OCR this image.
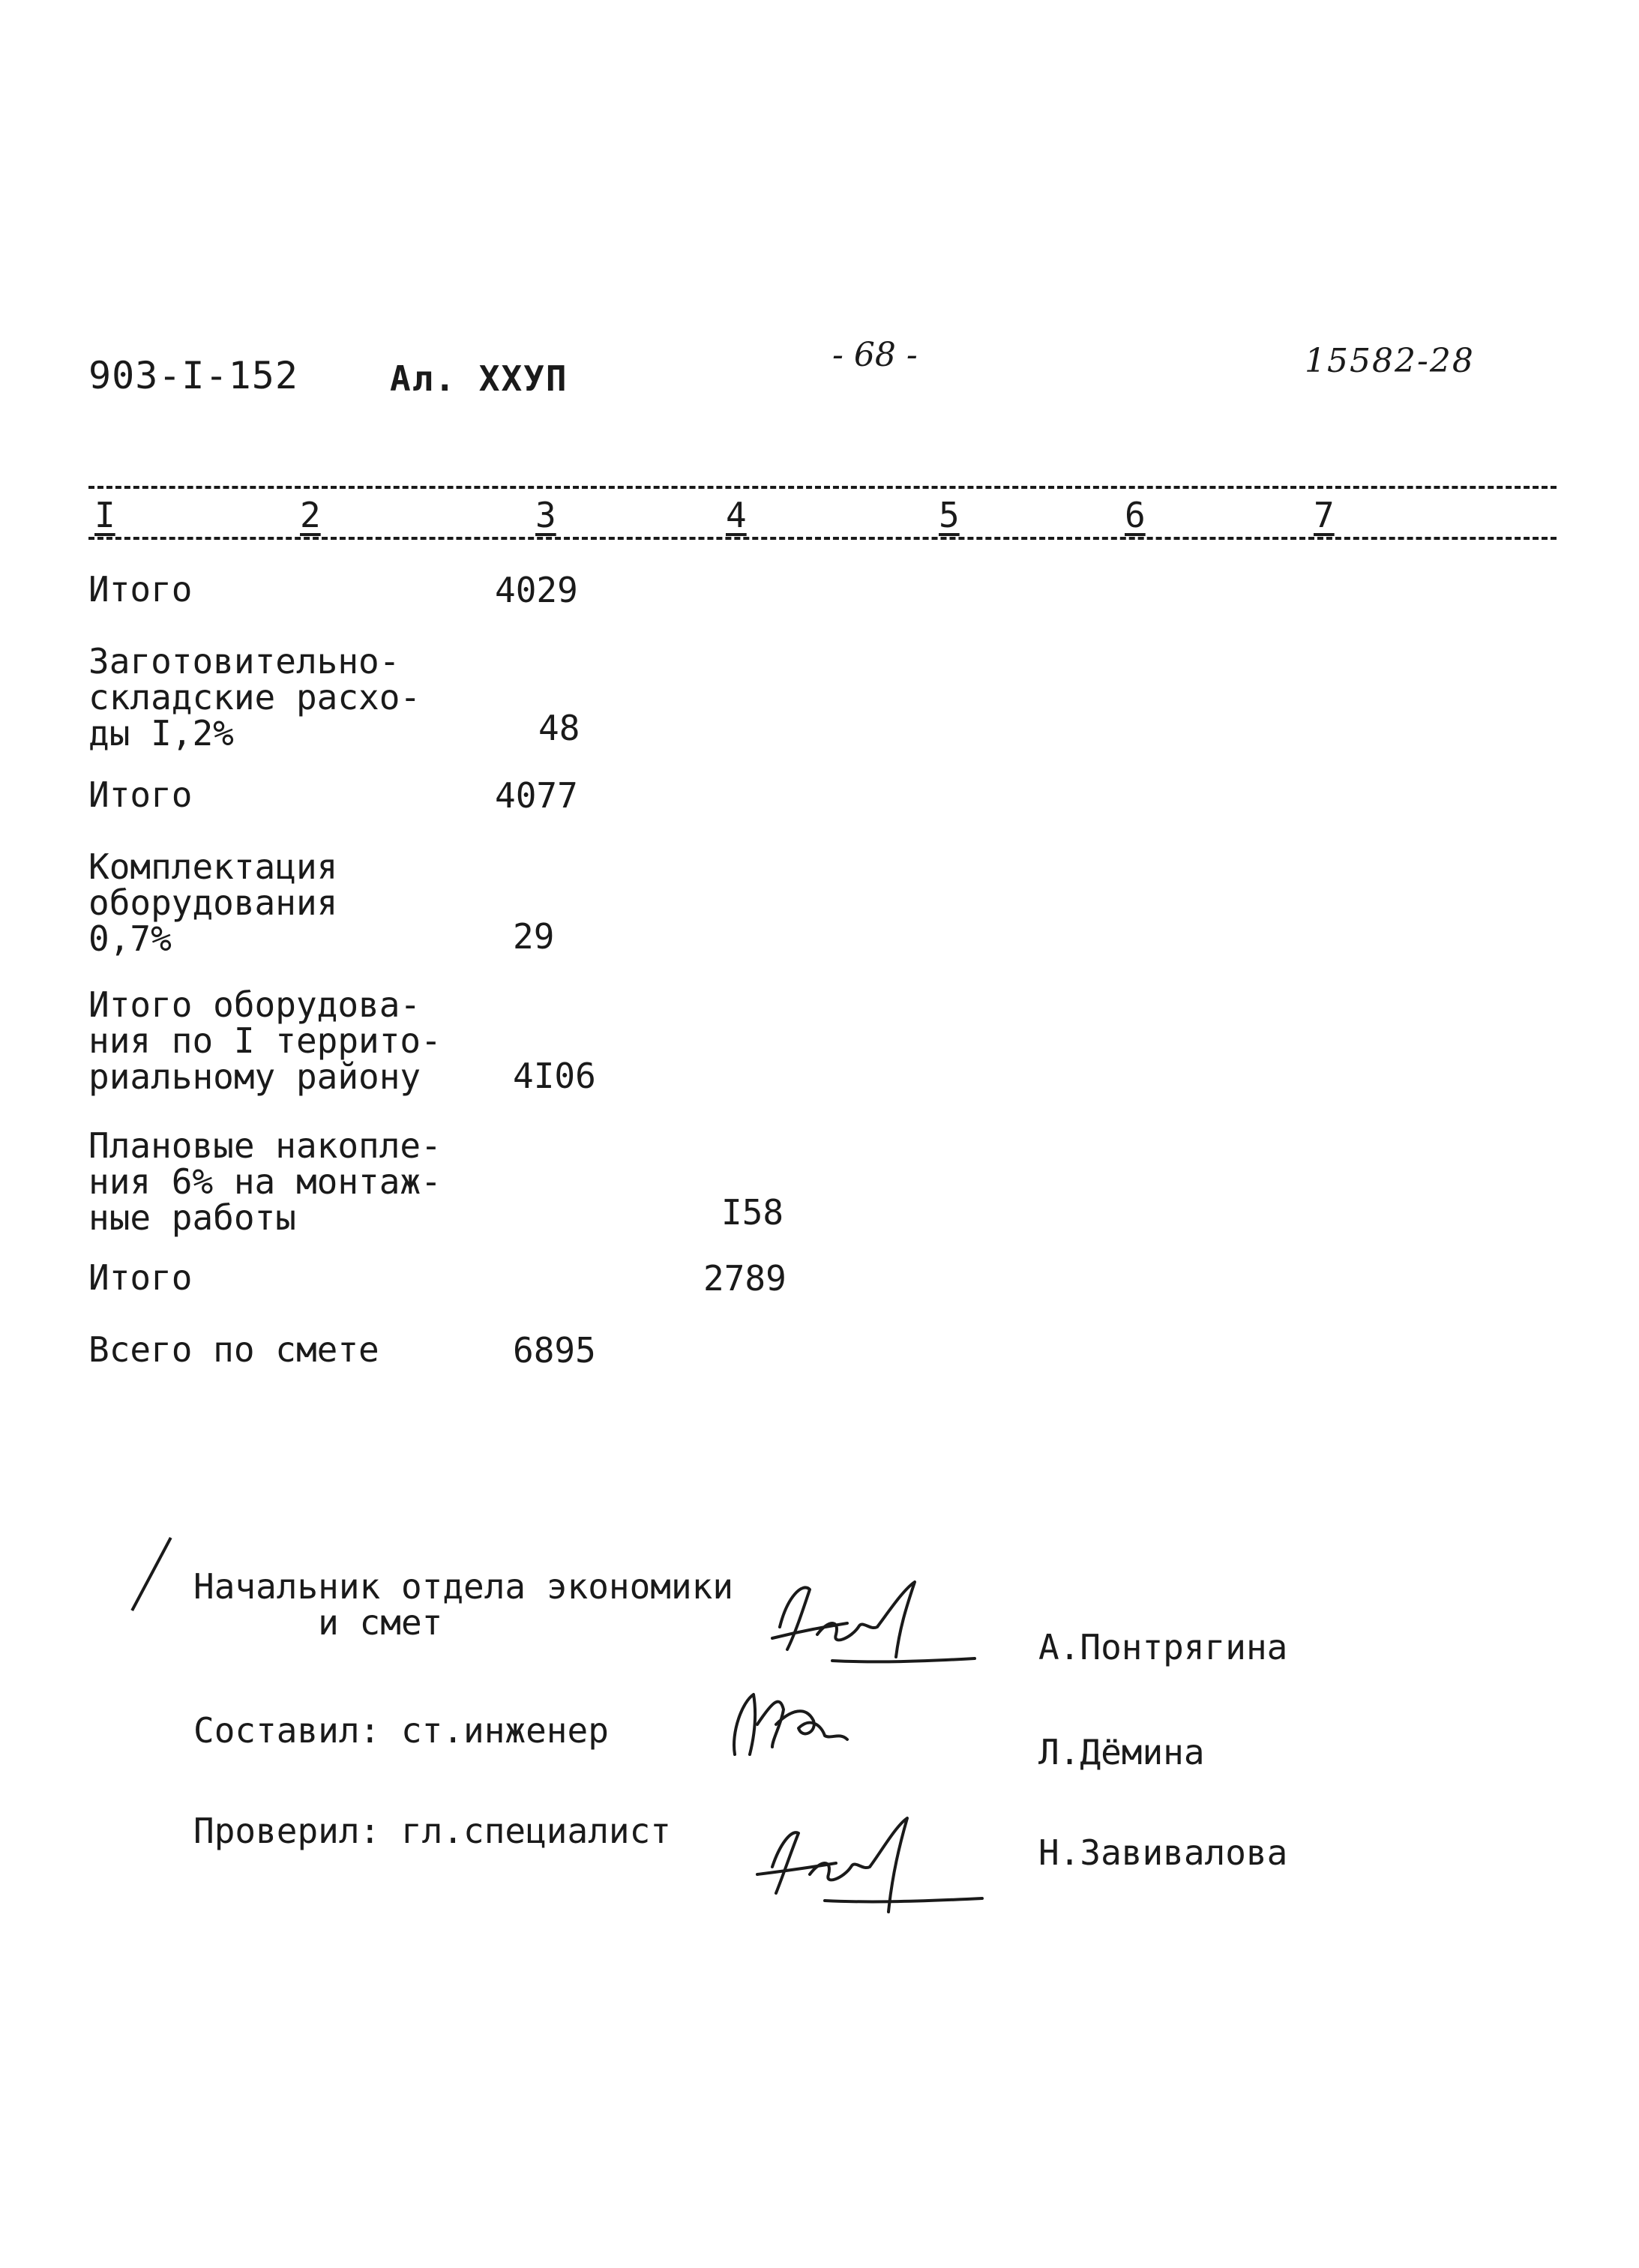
903-I-152	Ал. ХХУП
- 68 -	15582-28
I	2	3	4	5	6	7
Итого	4029
Заготовительно-
складские расхо-
ды I,2%	48
Итого	4077
Комплектация
оборудования
0,7%	29
Итого оборудова-
ния по I террито-
риальному району	4I06
Плановые накопле-
ния 6% на монтаж-
ные работы	I58
Итого	2789
Всего по смете	6895
Начальник отдела экономики
и смет
А.Понтрягина
Составил: ст.инженер
Л.Дёмина
Проверил: гл.специалист
Н.Завивалова
